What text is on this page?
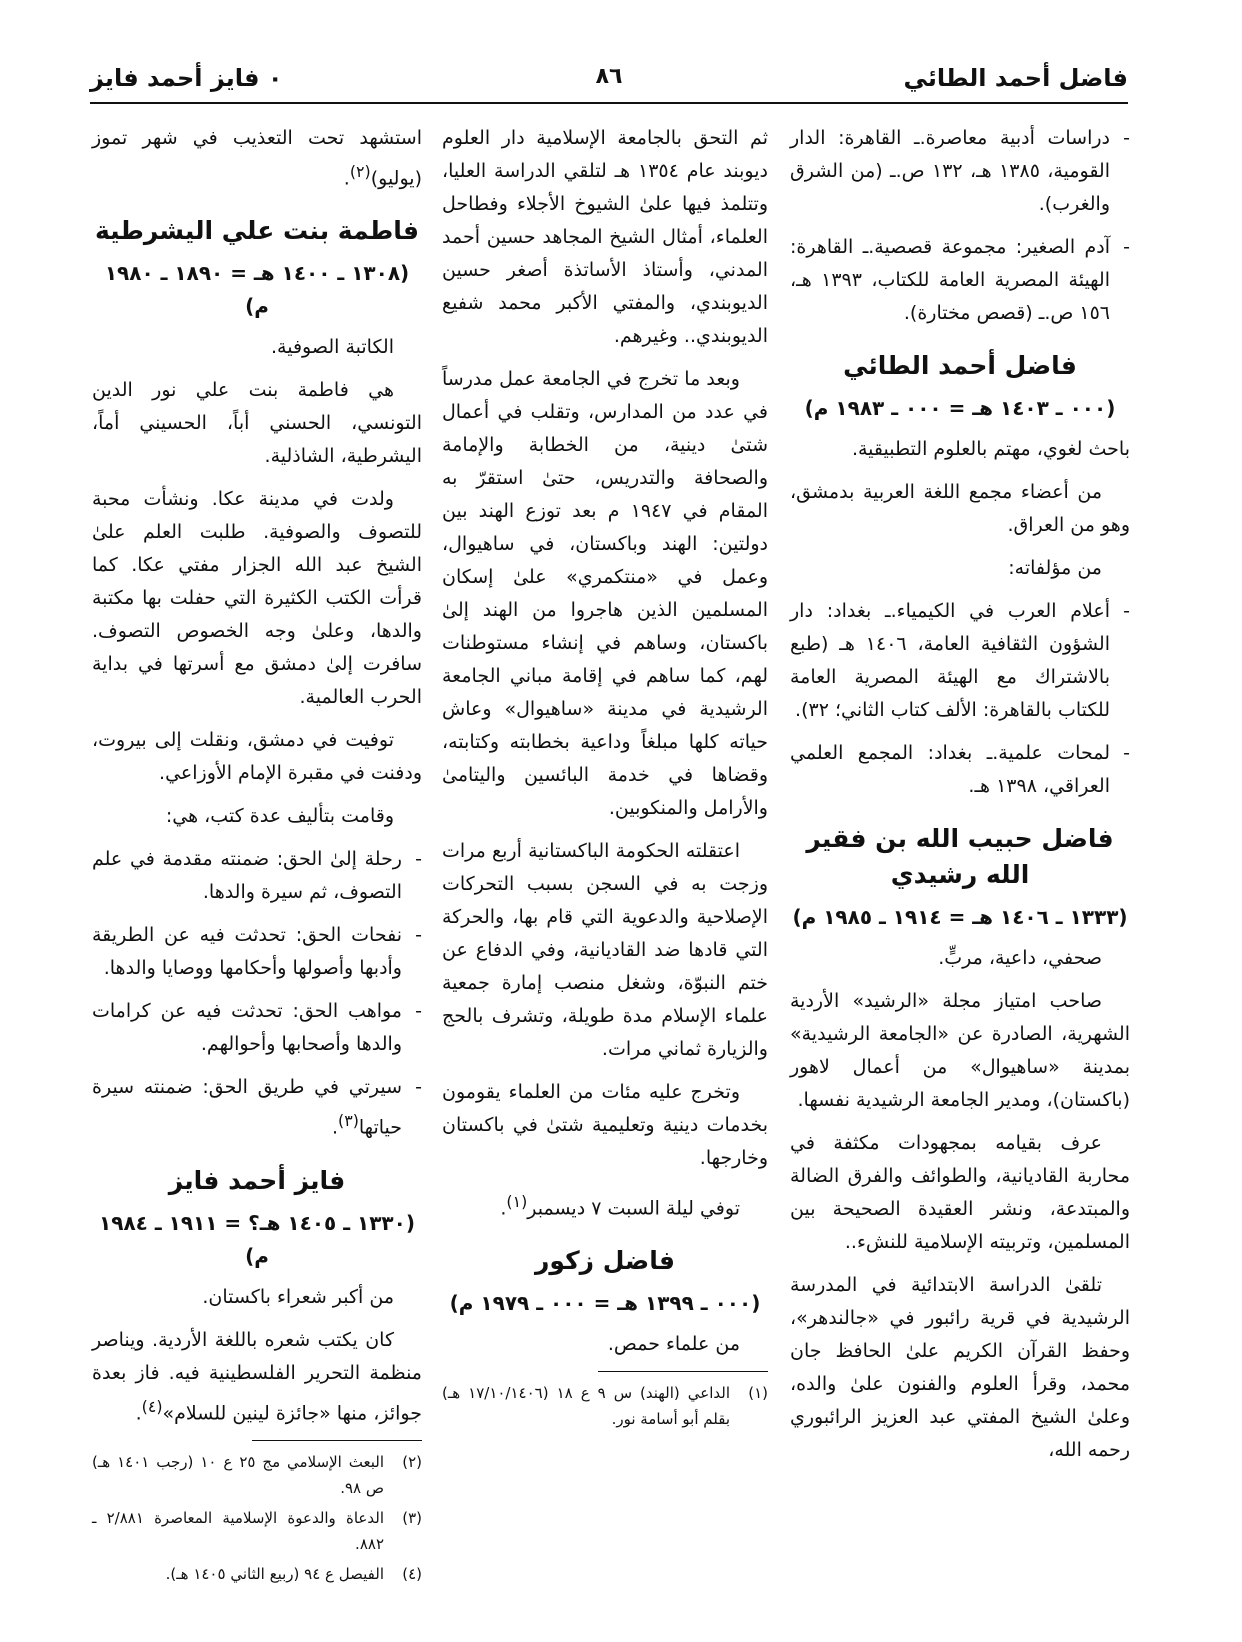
فاضل أحمد الطائي
٨٦
٠ فايز أحمد فايز

- دراسات أدبية معاصرة.ـ القاهرة: الدار القومية، ١٣٨٥ هـ، ١٣٢ ص.ـ (من الشرق والغرب).

- آدم الصغير: مجموعة قصصية.ـ القاهرة: الهيئة المصرية العامة للكتاب، ١٣٩٣ هـ، ١٥٦ ص.ـ (قصص مختارة).

فاضل أحمد الطائي
(٠٠٠ ـ ١٤٠٣ هـ = ٠٠٠ ـ ١٩٨٣ م)

باحث لغوي، مهتم بالعلوم التطبيقية.

من أعضاء مجمع اللغة العربية بدمشق، وهو من العراق.

من مؤلفاته:

- أعلام العرب في الكيمياء.ـ بغداد: دار الشؤون الثقافية العامة، ١٤٠٦ هـ (طبع بالاشتراك مع الهيئة المصرية العامة للكتاب بالقاهرة: الألف كتاب الثاني؛ ٣٢).

- لمحات علمية.ـ بغداد: المجمع العلمي العراقي، ١٣٩٨ هـ.

فاضل حبيب الله بن فقير الله رشيدي
(١٣٣٣ ـ ١٤٠٦ هـ = ١٩١٤ ـ ١٩٨٥ م)

صحفي، داعية، مربٍّ.

صاحب امتياز مجلة «الرشيد» الأردية الشهرية، الصادرة عن «الجامعة الرشيدية» بمدينة «ساهيوال» من أعمال لاهور (باكستان)، ومدير الجامعة الرشيدية نفسها.

عرف بقيامه بمجهودات مكثفة في محاربة القاديانية، والطوائف والفرق الضالة والمبتدعة، ونشر العقيدة الصحيحة بين المسلمين، وتربيته الإسلامية للنشء..

تلقىٰ الدراسة الابتدائية في المدرسة الرشيدية في قرية رائبور في «جالندهر»، وحفظ القرآن الكريم علىٰ الحافظ جان محمد، وقرأ العلوم والفنون علىٰ والده، وعلىٰ الشيخ المفتي عبد العزيز الرائبوري رحمه الله،

ثم التحق بالجامعة الإسلامية دار العلوم ديوبند عام ١٣٥٤ هـ لتلقي الدراسة العليا، وتتلمذ فيها علىٰ الشيوخ الأجلاء وفطاحل العلماء، أمثال الشيخ المجاهد حسين أحمد المدني، وأستاذ الأساتذة أصغر حسين الديوبندي، والمفتي الأكبر محمد شفيع الديوبندي.. وغيرهم.

وبعد ما تخرج في الجامعة عمل مدرساً في عدد من المدارس، وتقلب في أعمال شتىٰ دينية، من الخطابة والإمامة والصحافة والتدريس، حتىٰ استقرّ به المقام في ١٩٤٧ م بعد توزع الهند بين دولتين: الهند وباكستان، في ساهيوال، وعمل في «منتكمري» علىٰ إسكان المسلمين الذين هاجروا من الهند إلىٰ باكستان، وساهم في إنشاء مستوطنات لهم، كما ساهم في إقامة مباني الجامعة الرشيدية في مدينة «ساهيوال» وعاش حياته كلها مبلغاً وداعية بخطابته وكتابته، وقضاها في خدمة البائسين واليتامىٰ والأرامل والمنكوبين.

اعتقلته الحكومة الباكستانية أربع مرات وزجت به في السجن بسبب التحركات الإصلاحية والدعوية التي قام بها، والحركة التي قادها ضد القاديانية، وفي الدفاع عن ختم النبوّة، وشغل منصب إمارة جمعية علماء الإسلام مدة طويلة، وتشرف بالحج والزيارة ثماني مرات.

وتخرج عليه مئات من العلماء يقومون بخدمات دينية وتعليمية شتىٰ في باكستان وخارجها.

توفي ليلة السبت ٧ ديسمبر$^{(١)}$.

فاضل زكور
(٠٠٠ ـ ١٣٩٩ هـ = ٠٠٠ ـ ١٩٧٩ م)

من علماء حمص.

(١)
الداعي (الهند) س ٩ ع ١٨ (١٧/١٠/١٤٠٦ هـ) بقلم أبو أسامة نور.

استشهد تحت التعذيب في شهر تموز (يوليو)$^{(٢)}$.

فاطمة بنت علي اليشرطية
(١٣٠٨ ـ ١٤٠٠ هـ = ١٨٩٠ ـ ١٩٨٠ م)

الكاتبة الصوفية.

هي فاطمة بنت علي نور الدين التونسي، الحسني أباً، الحسيني أماً، اليشرطية، الشاذلية.

ولدت في مدينة عكا. ونشأت محبة للتصوف والصوفية. طلبت العلم علىٰ الشيخ عبد الله الجزار مفتي عكا. كما قرأت الكتب الكثيرة التي حفلت بها مكتبة والدها، وعلىٰ وجه الخصوص التصوف. سافرت إلىٰ دمشق مع أسرتها في بداية الحرب العالمية.

توفيت في دمشق، ونقلت إلى بيروت، ودفنت في مقبرة الإمام الأوزاعي.

وقامت بتأليف عدة كتب، هي:

- رحلة إلىٰ الحق: ضمنته مقدمة في علم التصوف، ثم سيرة والدها.

- نفحات الحق: تحدثت فيه عن الطريقة وأدبها وأصولها وأحكامها ووصايا والدها.

- مواهب الحق: تحدثت فيه عن كرامات والدها وأصحابها وأحوالهم.

- سيرتي في طريق الحق: ضمنته سيرة حياتها$^{(٣)}$.

فايز أحمد فايز
(١٣٣٠ ـ ١٤٠٥ هـ؟ = ١٩١١ ـ ١٩٨٤ م)

من أكبر شعراء باكستان.

كان يكتب شعره باللغة الأردية. ويناصر منظمة التحرير الفلسطينية فيه. فاز بعدة جوائز، منها «جائزة لينين للسلام»$^{(٤)}$.

(٢)
البعث الإسلامي مج ٢٥ ع ١٠ (رجب ١٤٠١ هـ) ص ٩٨.
(٣)
الدعاة والدعوة الإسلامية المعاصرة ٢/٨٨١ ـ ٨٨٢.
(٤)
الفيصل ع ٩٤ (ربيع الثاني ١٤٠٥ هـ).
